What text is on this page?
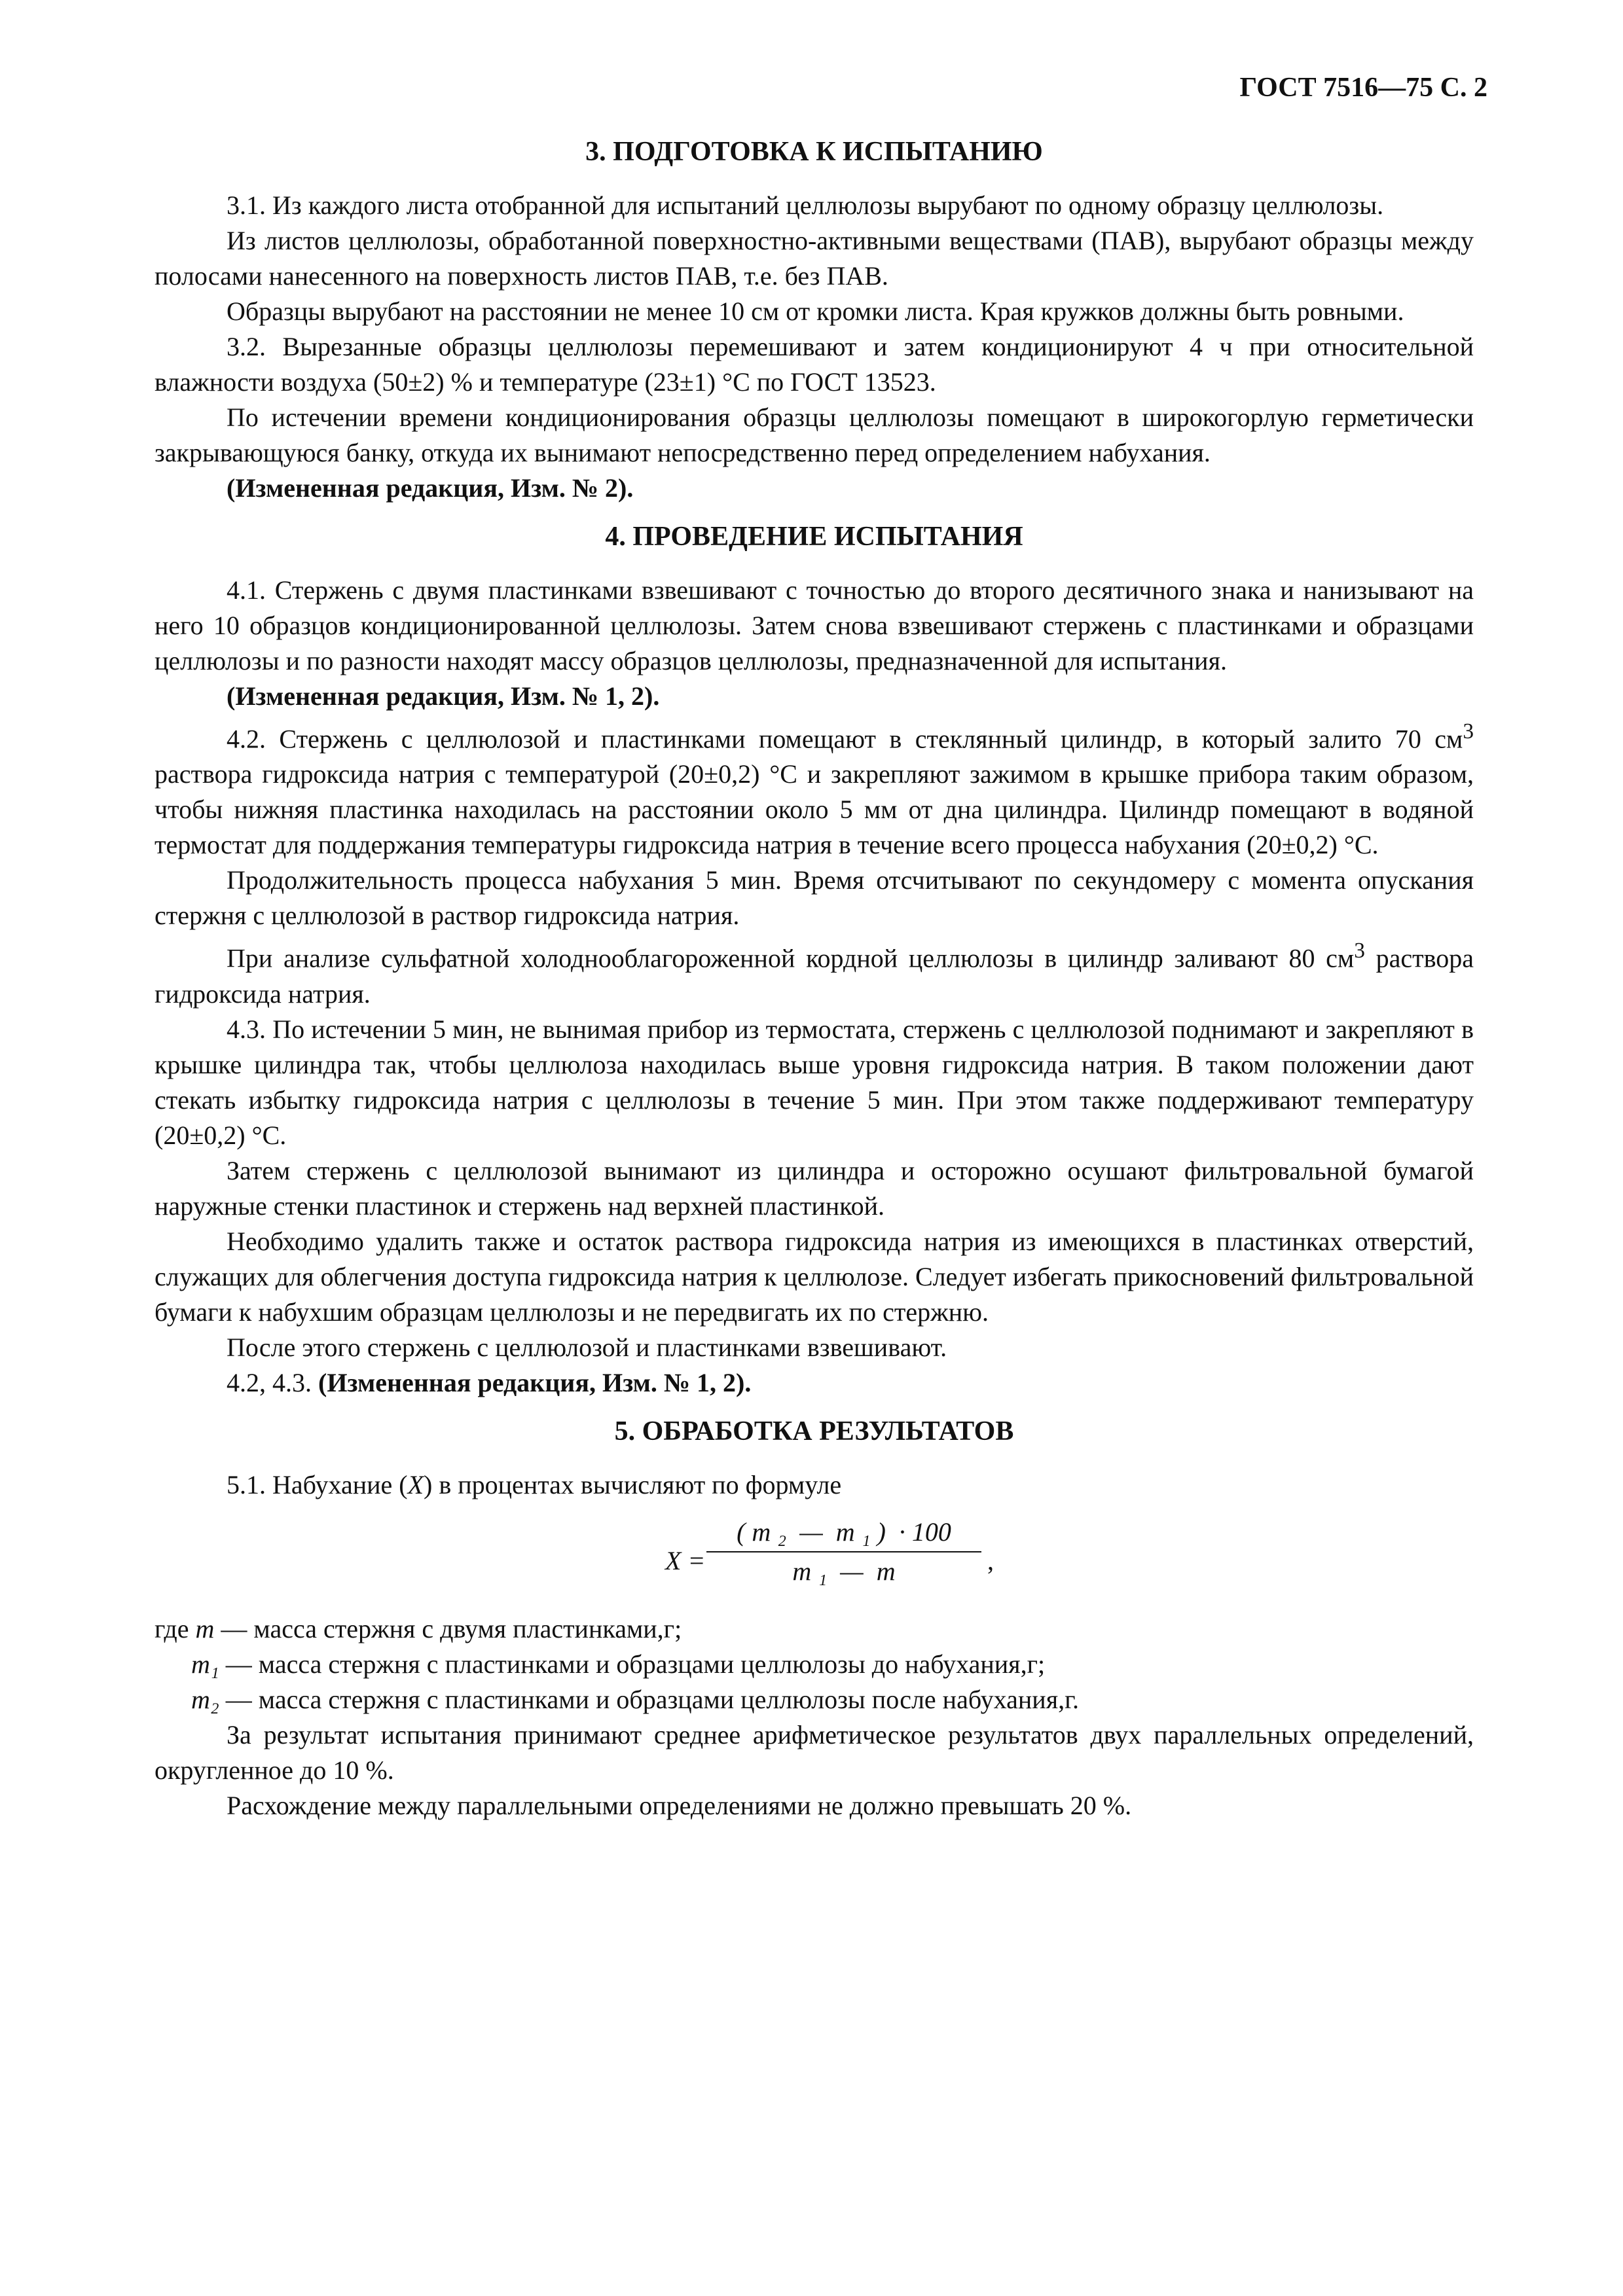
ГОСТ 7516—75 С. 2

3. ПОДГОТОВКА К ИСПЫТАНИЮ

3.1. Из каждого листа отобранной для испытаний целлюлозы вырубают по одному образцу целлюлозы.

Из листов целлюлозы, обработанной поверхностно-активными веществами (ПАВ), вырубают образцы между полосами нанесенного на поверхность листов ПАВ, т.е. без ПАВ.

Образцы вырубают на расстоянии не менее 10 см от кромки листа. Края кружков должны быть ровными.

3.2. Вырезанные образцы целлюлозы перемешивают и затем кондиционируют 4 ч при относительной влажности воздуха (50±2) % и температуре (23±1) °С по ГОСТ 13523.

По истечении времени кондиционирования образцы целлюлозы помещают в широкогорлую герметически закрывающуюся банку, откуда их вынимают непосредственно перед определением набухания.

(Измененная редакция, Изм. № 2).

4. ПРОВЕДЕНИЕ ИСПЫТАНИЯ

4.1. Стержень с двумя пластинками взвешивают с точностью до второго десятичного знака и нанизывают на него 10 образцов кондиционированной целлюлозы. Затем снова взвешивают стержень с пластинками и образцами целлюлозы и по разности находят массу образцов целлюлозы, предназначенной для испытания.

(Измененная редакция, Изм. № 1, 2).

4.2. Стержень с целлюлозой и пластинками помещают в стеклянный цилиндр, в который залито 70 $см^3$ раствора гидроксида натрия с температурой (20±0,2) °С и закрепляют зажимом в крышке прибора таким образом, чтобы нижняя пластинка находилась на расстоянии около 5 мм от дна цилиндра. Цилиндр помещают в водяной термостат для поддержания температуры гидроксида натрия в течение всего процесса набухания (20±0,2) °С.

Продолжительность процесса набухания 5 мин. Время отсчитывают по секундомеру с момента опускания стержня с целлюлозой в раствор гидроксида натрия.

При анализе сульфатной холоднооблагороженной кордной целлюлозы в цилиндр заливают 80 $см^3$ раствора гидроксида натрия.

4.3. По истечении 5 мин, не вынимая прибор из термостата, стержень с целлюлозой поднимают и закрепляют в крышке цилиндра так, чтобы целлюлоза находилась выше уровня гидроксида натрия. В таком положении дают стекать избытку гидроксида натрия с целлюлозы в течение 5 мин. При этом также поддерживают температуру (20±0,2) °С.

Затем стержень с целлюлозой вынимают из цилиндра и осторожно осушают фильтровальной бумагой наружные стенки пластинок и стержень над верхней пластинкой.

Необходимо удалить также и остаток раствора гидроксида натрия из имеющихся в пластинках отверстий, служащих для облегчения доступа гидроксида натрия к целлюлозе. Следует избегать прикосновений фильтровальной бумаги к набухшим образцам целлюлозы и не передвигать их по стержню.

После этого стержень с целлюлозой и пластинками взвешивают.

4.2, 4.3. (Измененная редакция, Изм. № 1, 2).

5. ОБРАБОТКА РЕЗУЛЬТАТОВ

5.1. Набухание (X) в процентах вычисляют по формуле

X =
( m ₂  —  m ₁ )  · 100
m ₁  —  m	,

где m — масса стержня с двумя пластинками,г;

m₁ — масса стержня с пластинками и образцами целлюлозы до набухания,г;

m₂ — масса стержня с пластинками и образцами целлюлозы после набухания,г.

За результат испытания принимают среднее арифметическое результатов двух параллельных определений, округленное до 10 %.

Расхождение между параллельными определениями не должно превышать 20 %.
